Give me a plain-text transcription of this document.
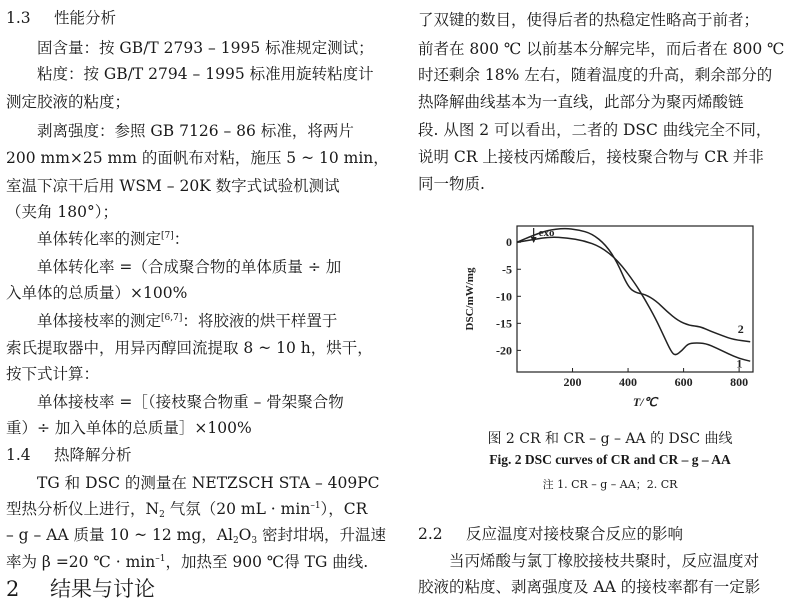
1.3 性能分析
固含量：按 GB/T 2793 – 1995 标准规定测试；
粘度：按 GB/T 2794 – 1995 标准用旋转粘度计
测定胶液的粘度；
剥离强度：参照 GB 7126 – 86 标准，将两片
200 mm×25 mm 的面帆布对粘，施压 5 ~ 10 min，
室温下凉干后用 WSM – 20K 数字式试验机测试
（夹角 180°）；
单体转化率的测定[7]：
单体转化率 =（合成聚合物的单体质量 ÷ 加
入单体的总质量）×100%
单体接枝率的测定[6,7]：将胶液的烘干样置于
索氏提取器中，用异丙醇回流提取 8 ~ 10 h，烘干，
按下式计算：
单体接枝率 =［（接枝聚合物重 – 骨架聚合物
重）÷ 加入单体的总质量］×100%
1.4 热降解分析
TG 和 DSC 的测量在 NETZSCH STA – 409PC
型热分析仪上进行，$N_2$ 气氛（20 mL · $\min^{-1}$），CR
– g – AA 质量 10 ~ 12 mg，$Al_2O_3$ 密封坩埚，升温速
率为 β =20 ℃ · $\min^{-1}$，加热至 900 ℃得 TG 曲线.
2 结果与讨论
了双键的数目，使得后者的热稳定性略高于前者；
前者在 800 ℃ 以前基本分解完毕，而后者在 800 ℃
时还剩余 18% 左右，随着温度的升高，剩余部分的
热降解曲线基本为一直线，此部分为聚丙烯酸链
段. 从图 2 可以看出，二者的 DSC 曲线完全不同，
说明 CR 上接枝丙烯酸后，接枝聚合物与 CR 并非
同一物质.
2.2 反应温度对接枝聚合反应的影响
当丙烯酸与氯丁橡胶接枝共聚时，反应温度对
胶液的粘度、剥离强度及 AA 的接枝率都有一定影
200	400	600	800
0
-5
-10
-15
-20
T/℃
DSC/mW/mg
exo
1
2
图 2 CR 和 CR – g – AA 的 DSC 曲线
Fig. 2 DSC curves of CR and CR – g – AA
注 1. CR – g – AA；2. CR
